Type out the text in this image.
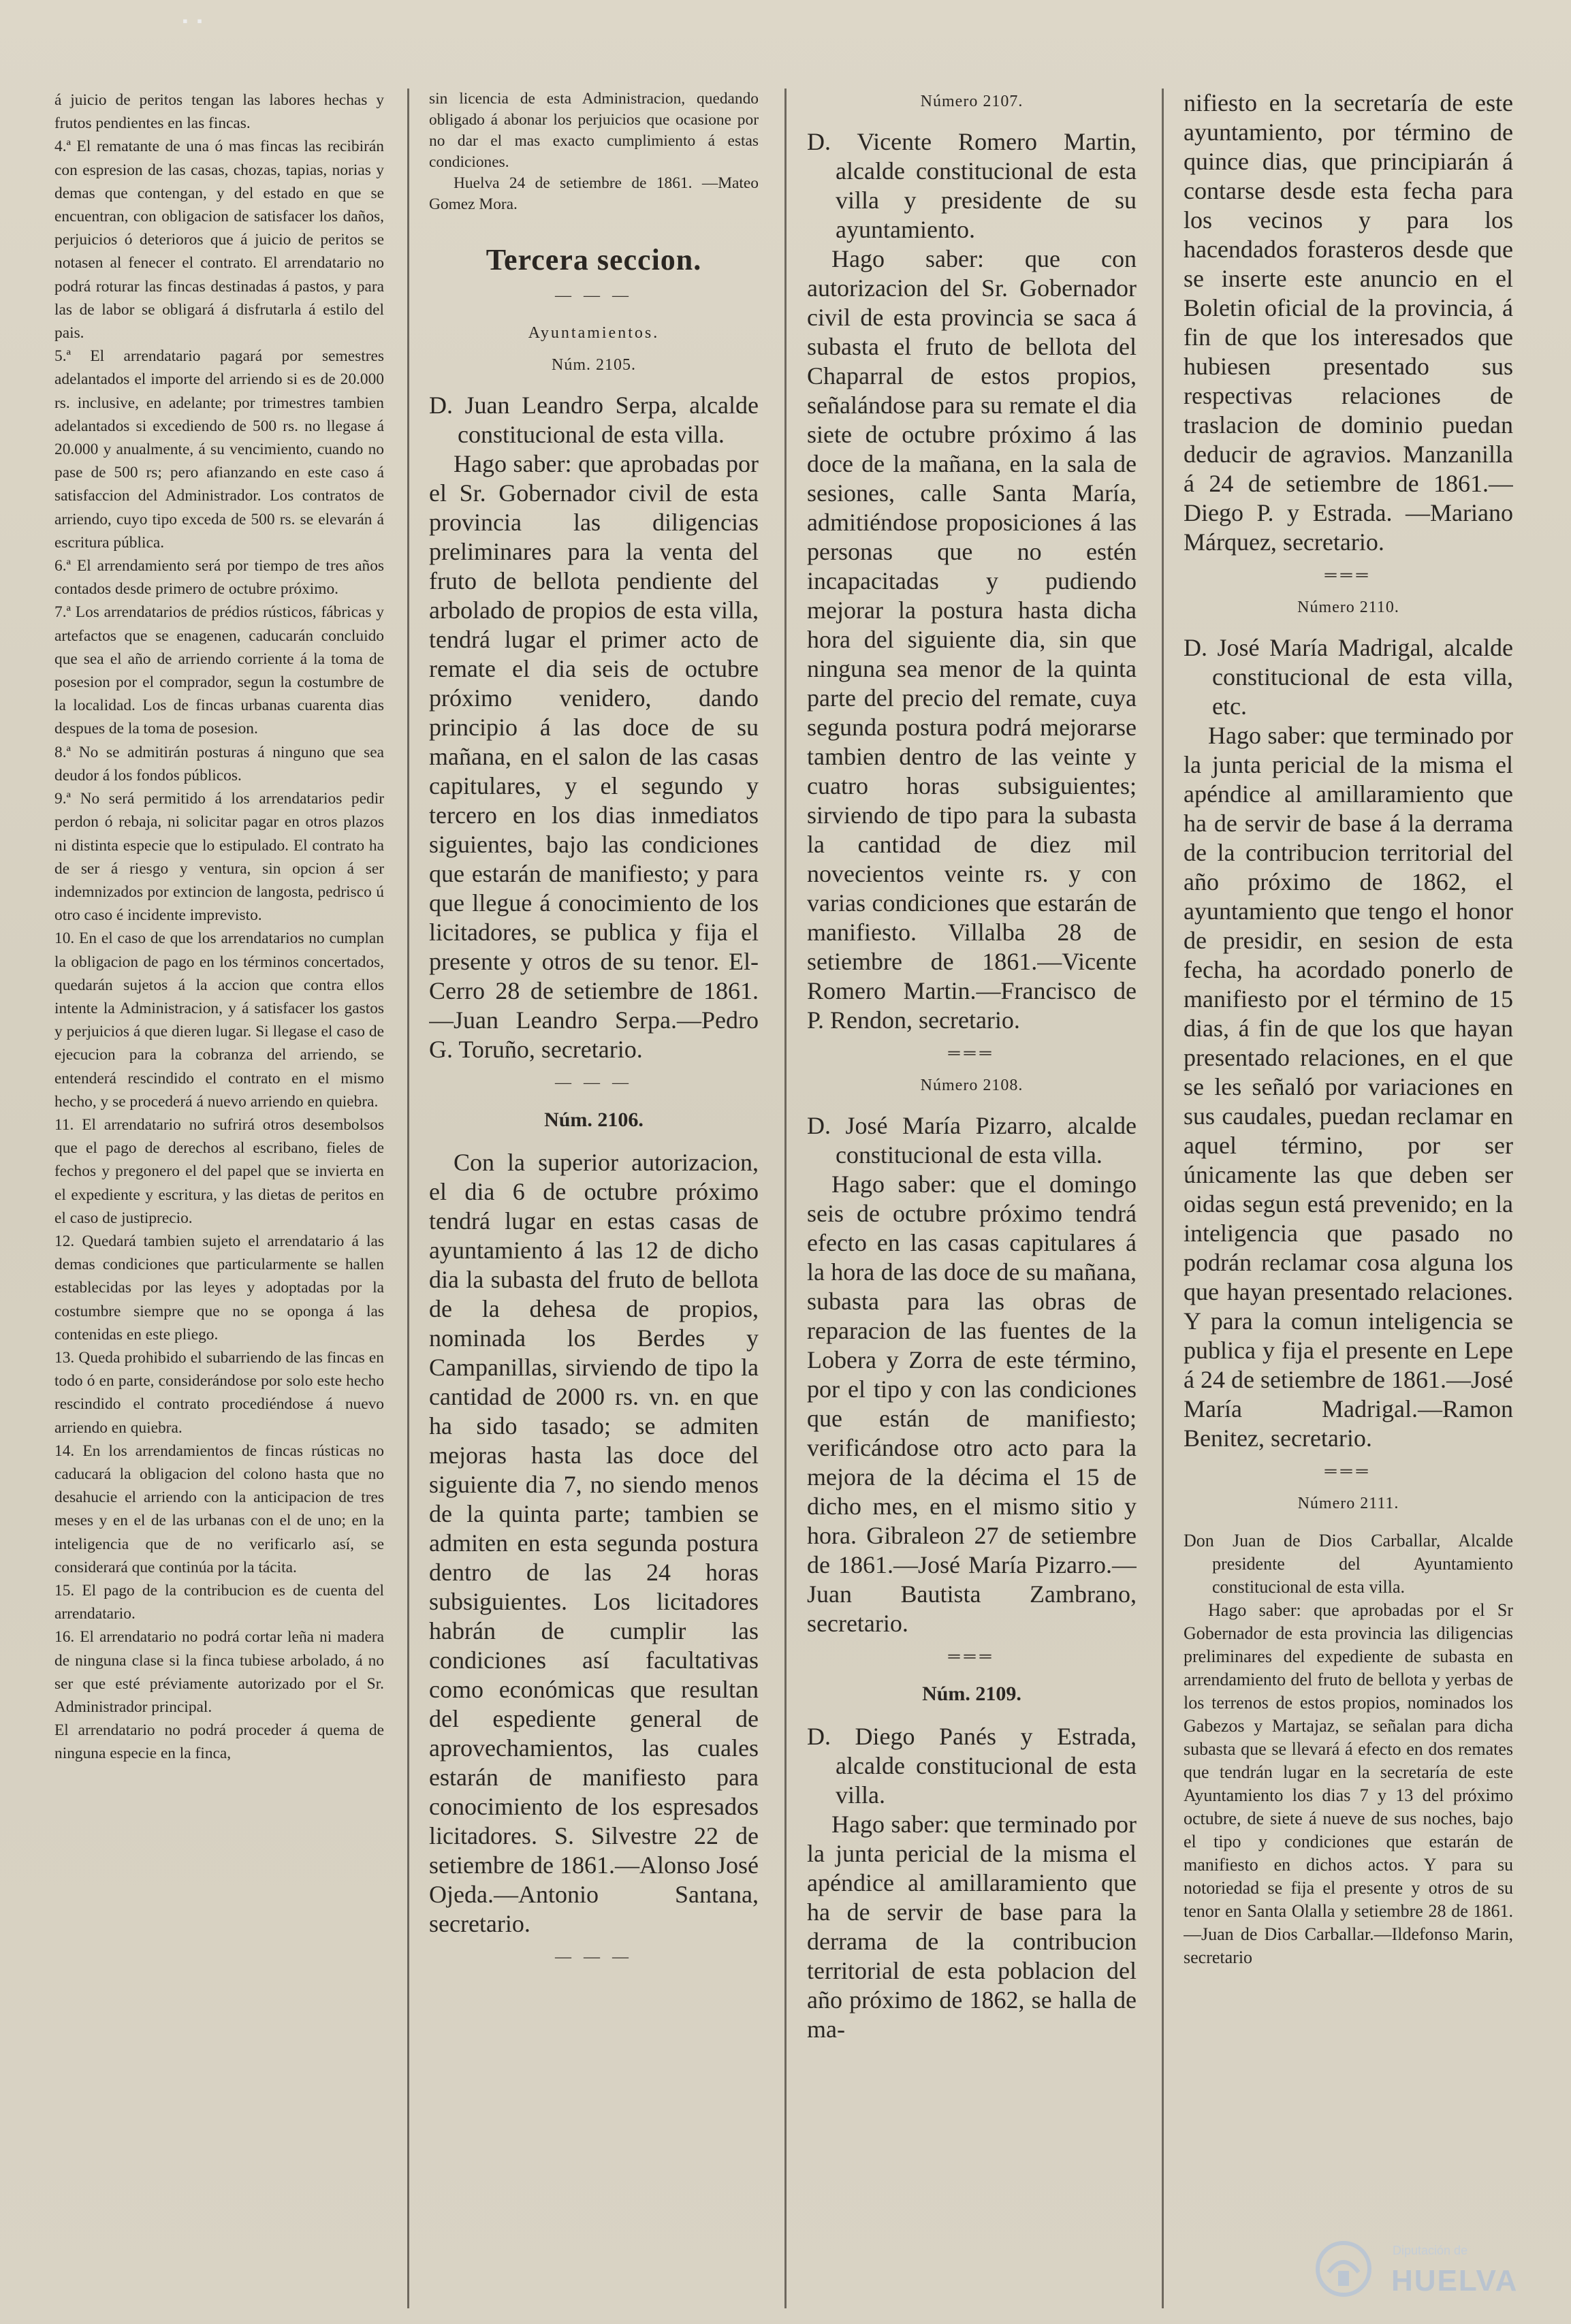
▪ ▪

á juicio de peritos tengan las labores hechas y frutos pendientes en las fincas.

4.ª El rematante de una ó mas fincas las recibirán con espresion de las casas, chozas, tapias, norias y demas que contengan, y del estado en que se encuentran, con obligacion de satisfacer los daños, perjuicios ó deterioros que á juicio de peritos se notasen al fenecer el contrato. El arrendatario no podrá roturar las fincas destinadas á pastos, y para las de labor se obligará á disfrutarla á estilo del pais.

5.ª El arrendatario pagará por semestres adelantados el importe del arriendo si es de 20.000 rs. inclusive, en adelante; por trimestres tambien adelantados si excediendo de 500 rs. no llegase á 20.000 y anualmente, á su vencimiento, cuando no pase de 500 rs; pero afianzando en este caso á satisfaccion del Administrador. Los contratos de arriendo, cuyo tipo exceda de 500 rs. se elevarán á escritura pública.

6.ª El arrendamiento será por tiempo de tres años contados desde primero de octubre próximo.

7.ª Los arrendatarios de prédios rústicos, fábricas y artefactos que se enagenen, caducarán concluido que sea el año de arriendo corriente á la toma de posesion por el comprador, segun la costumbre de la localidad. Los de fincas urbanas cuarenta dias despues de la toma de posesion.

8.ª No se admitirán posturas á ninguno que sea deudor á los fondos públicos.

9.ª No será permitido á los arrendatarios pedir perdon ó rebaja, ni solicitar pagar en otros plazos ni distinta especie que lo estipulado. El contrato ha de ser á riesgo y ventura, sin opcion á ser indemnizados por extincion de langosta, pedrisco ú otro caso é incidente imprevisto.

10. En el caso de que los arrendatarios no cumplan la obligacion de pago en los términos concertados, quedarán sujetos á la accion que contra ellos intente la Administracion, y á satisfacer los gastos y perjuicios á que dieren lugar. Si llegase el caso de ejecucion para la cobranza del arriendo, se entenderá rescindido el contrato en el mismo hecho, y se procederá á nuevo arriendo en quiebra.

11. El arrendatario no sufrirá otros desembolsos que el pago de derechos al escribano, fieles de fechos y pregonero el del papel que se invierta en el expediente y escritura, y las dietas de peritos en el caso de justiprecio.

12. Quedará tambien sujeto el arrendatario á las demas condiciones que particularmente se hallen establecidas por las leyes y adoptadas por la costumbre siempre que no se oponga á las contenidas en este pliego.

13. Queda prohibido el subarriendo de las fincas en todo ó en parte, considerándose por solo este hecho rescindido el contrato procediéndose á nuevo arriendo en quiebra.

14. En los arrendamientos de fincas rústicas no caducará la obligacion del colono hasta que no desahucie el arriendo con la anticipacion de tres meses y en el de las urbanas con el de uno; en la inteligencia que de no verificarlo así, se considerará que continúa por la tácita.

15. El pago de la contribucion es de cuenta del arrendatario.

16. El arrendatario no podrá cortar leña ni madera de ninguna clase si la finca tubiese arbolado, á no ser que esté préviamente autorizado por el Sr. Administrador principal.

El arrendatario no podrá proceder á quema de ninguna especie en la finca,

sin licencia de esta Administracion, quedando obligado á abonar los perjuicios que ocasione por no dar el mas exacto cumplimiento á estas condiciones.

Huelva 24 de setiembre de 1861. —Mateo Gomez Mora.

Tercera seccion.
— — —
Ayuntamientos.
Núm. 2105.

D. Juan Leandro Serpa, alcalde constitucional de esta villa.

Hago saber: que aprobadas por el Sr. Gobernador civil de esta provincia las diligencias preliminares para la venta del fruto de bellota pendiente del arbolado de propios de esta villa, tendrá lugar el primer acto de remate el dia seis de octubre próximo venidero, dando principio á las doce de su mañana, en el salon de las casas capitulares, y el segundo y tercero en los dias inmediatos siguientes, bajo las condiciones que estarán de manifiesto; y para que llegue á conocimiento de los licitadores, se publica y fija el presente y otros de su tenor. El-Cerro 28 de setiembre de 1861. —Juan Leandro Serpa.—Pedro G. Toruño, secretario.

— — —
Núm. 2106.

Con la superior autorizacion, el dia 6 de octubre próximo tendrá lugar en estas casas de ayuntamiento á las 12 de dicho dia la subasta del fruto de bellota de la dehesa de propios, nominada los Berdes y Campanillas, sirviendo de tipo la cantidad de 2000 rs. vn. en que ha sido tasado; se admiten mejoras hasta las doce del siguiente dia 7, no siendo menos de la quinta parte; tambien se admiten en esta segunda postura dentro de las 24 horas subsiguientes. Los licitadores habrán de cumplir las condiciones así facultativas como económicas que resultan del espediente general de aprovechamientos, las cuales estarán de manifiesto para conocimiento de los espresados licitadores. S. Silvestre 22 de setiembre de 1861.—Alonso José Ojeda.—Antonio Santana, secretario.

— — —
Número 2107.

D. Vicente Romero Martin, alcalde constitucional de esta villa y presidente de su ayuntamiento.

Hago saber: que con autorizacion del Sr. Gobernador civil de esta provincia se saca á subasta el fruto de bellota del Chaparral de estos propios, señalándose para su remate el dia siete de octubre próximo á las doce de la mañana, en la sala de sesiones, calle Santa María, admitiéndose proposiciones á las personas que no estén incapacitadas y pudiendo mejorar la postura hasta dicha hora del siguiente dia, sin que ninguna sea menor de la quinta parte del precio del remate, cuya segunda postura podrá mejorarse tambien dentro de las veinte y cuatro horas subsiguientes; sirviendo de tipo para la subasta la cantidad de diez mil novecientos veinte rs. y con varias condiciones que estarán de manifiesto. Villalba 28 de setiembre de 1861.—Vicente Romero Martin.—Francisco de P. Rendon, secretario.

═══
Número 2108.

D. José María Pizarro, alcalde constitucional de esta villa.

Hago saber: que el domingo seis de octubre próximo tendrá efecto en las casas capitulares á la hora de las doce de su mañana, subasta para las obras de reparacion de las fuentes de la Lobera y Zorra de este término, por el tipo y con las condiciones que están de manifiesto; verificándose otro acto para la mejora de la décima el 15 de dicho mes, en el mismo sitio y hora. Gibraleon 27 de setiembre de 1861.—José María Pizarro.—Juan Bautista Zambrano, secretario.

═══
Núm. 2109.

D. Diego Panés y Estrada, alcalde constitucional de esta villa.

Hago saber: que terminado por la junta pericial de la misma el apéndice al amillaramiento que ha de servir de base para la derrama de la contribucion territorial de esta poblacion del año próximo de 1862, se halla de ma-

nifiesto en la secretaría de este ayuntamiento, por término de quince dias, que principiarán á contarse desde esta fecha para los vecinos y para los hacendados forasteros desde que se inserte este anuncio en el Boletin oficial de la provincia, á fin de que los interesados que hubiesen presentado sus respectivas relaciones de traslacion de dominio puedan deducir de agravios. Manzanilla á 24 de setiembre de 1861.—Diego P. y Estrada. —Mariano Márquez, secretario.

═══
Número 2110.

D. José María Madrigal, alcalde constitucional de esta villa, etc.

Hago saber: que terminado por la junta pericial de la misma el apéndice al amillaramiento que ha de servir de base á la derrama de la contribucion territorial del año próximo de 1862, el ayuntamiento que tengo el honor de presidir, en sesion de esta fecha, ha acordado ponerlo de manifiesto por el término de 15 dias, á fin de que los que hayan presentado relaciones, en el que se les señaló por variaciones en sus caudales, puedan reclamar en aquel término, por ser únicamente las que deben ser oidas segun está prevenido; en la inteligencia que pasado no podrán reclamar cosa alguna los que hayan presentado relaciones. Y para la comun inteligencia se publica y fija el presente en Lepe á 24 de setiembre de 1861.—José María Madrigal.—Ramon Benitez, secretario.

═══
Número 2111.

Don Juan de Dios Carballar, Alcalde presidente del Ayuntamiento constitucional de esta villa.

Hago saber: que aprobadas por el Sr Gobernador de esta provincia las diligencias preliminares del expediente de subasta en arrendamiento del fruto de bellota y yerbas de los terrenos de estos propios, nominados los Gabezos y Martajaz, se señalan para dicha subasta que se llevará á efecto en dos remates que tendrán lugar en la secretaría de este Ayuntamiento los dias 7 y 13 del próximo octubre, de siete á nueve de sus noches, bajo el tipo y condiciones que estarán de manifiesto en dichos actos. Y para su notoriedad se fija el presente y otros de su tenor en Santa Olalla y setiembre 28 de 1861.—Juan de Dios Carballar.—Ildefonso Marin, secretario

Diputación de
HUELVA
